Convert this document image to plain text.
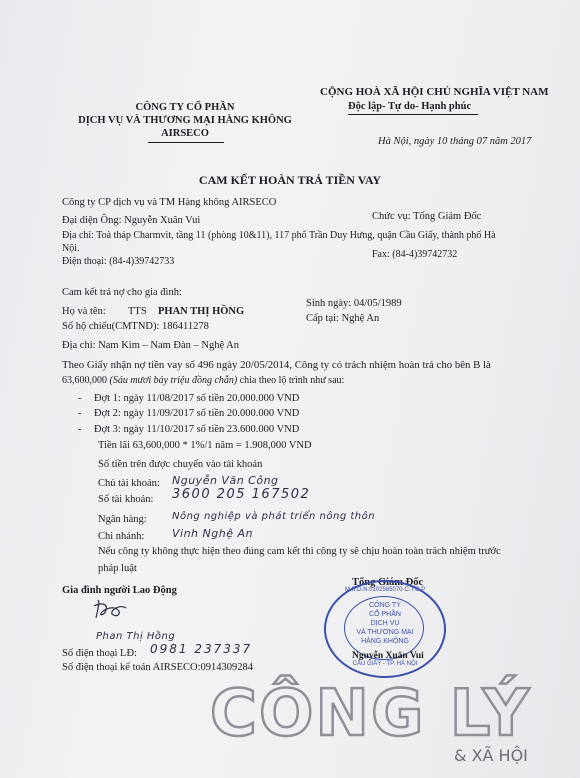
CÔNG TY CỔ PHẦN
DỊCH VỤ VÀ THƯƠNG MẠI HÀNG KHÔNG
AIRSECO
CỘNG HOÀ XÃ HỘI CHỦ NGHĨA VIỆT NAM
Độc lập- Tự do- Hạnh phúc
Hà Nội, ngày 10 tháng 07 năm 2017
CAM KẾT HOÀN TRẢ TIỀN VAY
Công ty CP dịch vụ và TM Hàng không AIRSECO
Đại diện Ông: Nguyễn Xuân Vui	Chức vụ: Tổng Giám Đốc
Địa chỉ: Toà tháp Charmvit, tầng 11 (phòng 10&11), 117 phố Trần Duy Hưng, quận Cầu Giấy, thành phố Hà
Nội.
Fax: (84-4)39742732
Điện thoại: (84-4)39742733
Cam kết trả nợ cho gia đình:
Họ và tên: TTS PHAN THỊ HỒNG
Sinh ngày: 04/05/1989
Số hộ chiếu(CMTND): 186411278
Cấp tại: Nghệ An
Địa chỉ: Nam Kim – Nam Đàn – Nghệ An
Theo Giấy nhận nợ tiền vay số 496 ngày 20/05/2014, Công ty có trách nhiệm hoàn trả cho bên B là
63,600,000 (Sáu mươi bảy triệu đồng chẵn) chia theo lộ trình như sau:
- Đợt 1: ngày 11/08/2017 số tiền 20.000.000 VND
- Đợt 2: ngày 11/09/2017 số tiền 20.000.000 VND
- Đợt 3: ngày 11/10/2017 số tiền 23.600.000 VND
Tiền lãi 63,600,000 * 1%/1 năm = 1.908,000 VND
Số tiền trên được chuyển vào tài khoản
Chủ tài khoản: Nguyễn Văn Công
Số tài khoản: 3600 205 167502
Ngân hàng:	Nông nghiệp và phát triển nông thôn
Chi nhánh:	Vinh Nghệ An
Nếu công ty không thực hiện theo đúng cam kết thì công ty sẽ chịu hoàn toàn trách nhiệm trước
pháp luật
Gia đình người Lao Động
Tổng Giám Đốc
Phan Thị Hồng
Số điện thoại LĐ: 0981 237337
Số điện thoại kế toán AIRSECO:0914309284
M.S.D.N:0102565070-C.T.C.P
CÔNG TY
CỔ PHẦN
DỊCH VỤ
VÀ THƯƠNG MẠI
HÀNG KHÔNG
CẦU GIẤY - TP. HÀ NỘI
Nguyễn Xuân Vui
CÔNG LÝ
& XÃ HỘI
